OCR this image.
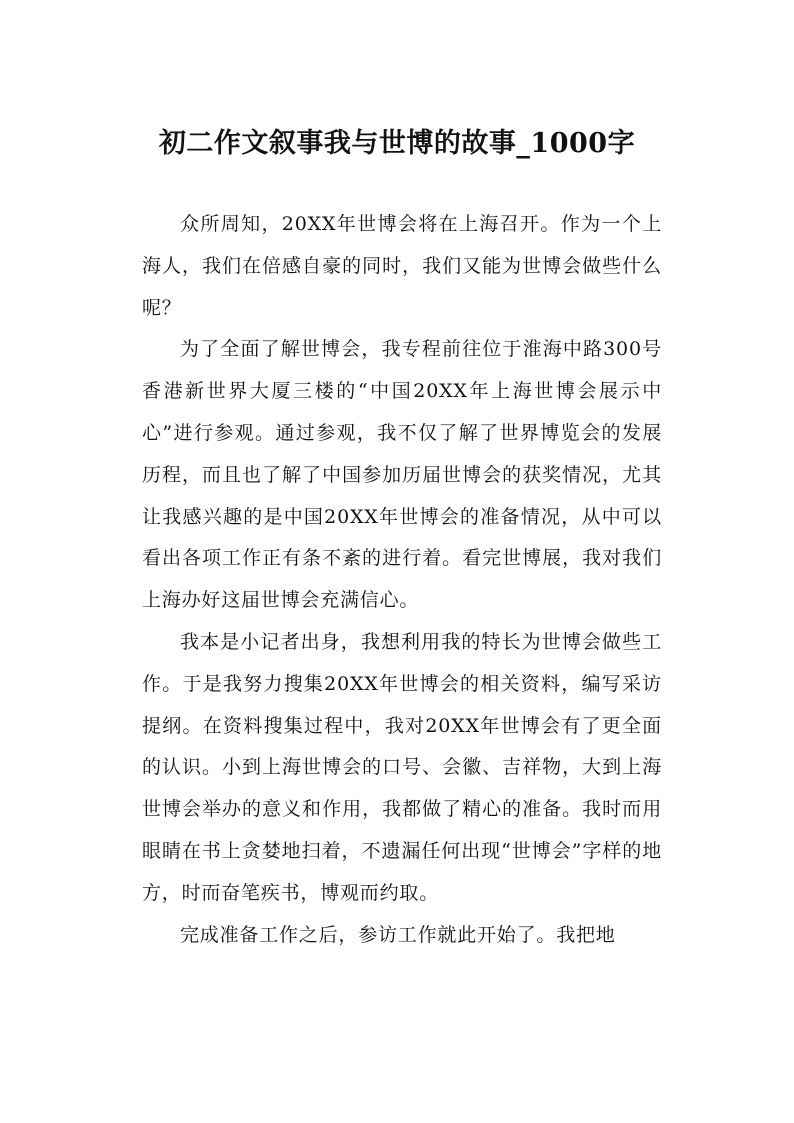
初二作文叙事我与世博的故事_1000字

众所周知，20XX年世博会将在上海召开。作为一个上海人，我们在倍感自豪的同时，我们又能为世博会做些什么呢？

为了全面了解世博会，我专程前往位于淮海中路300号香港新世界大厦三楼的“中国20XX年上海世博会展示中心”进行参观。通过参观，我不仅了解了世界博览会的发展历程，而且也了解了中国参加历届世博会的获奖情况，尤其让我感兴趣的是中国20XX年世博会的准备情况，从中可以看出各项工作正有条不紊的进行着。看完世博展，我对我们上海办好这届世博会充满信心。

我本是小记者出身，我想利用我的特长为世博会做些工作。于是我努力搜集20XX年世博会的相关资料，编写采访提纲。在资料搜集过程中，我对20XX年世博会有了更全面的认识。小到上海世博会的口号、会徽、吉祥物，大到上海世博会举办的意义和作用，我都做了精心的准备。我时而用眼睛在书上贪婪地扫着，不遗漏任何出现“世博会”字样的地方，时而奋笔疾书，博观而约取。

完成准备工作之后，参访工作就此开始了。我把地
